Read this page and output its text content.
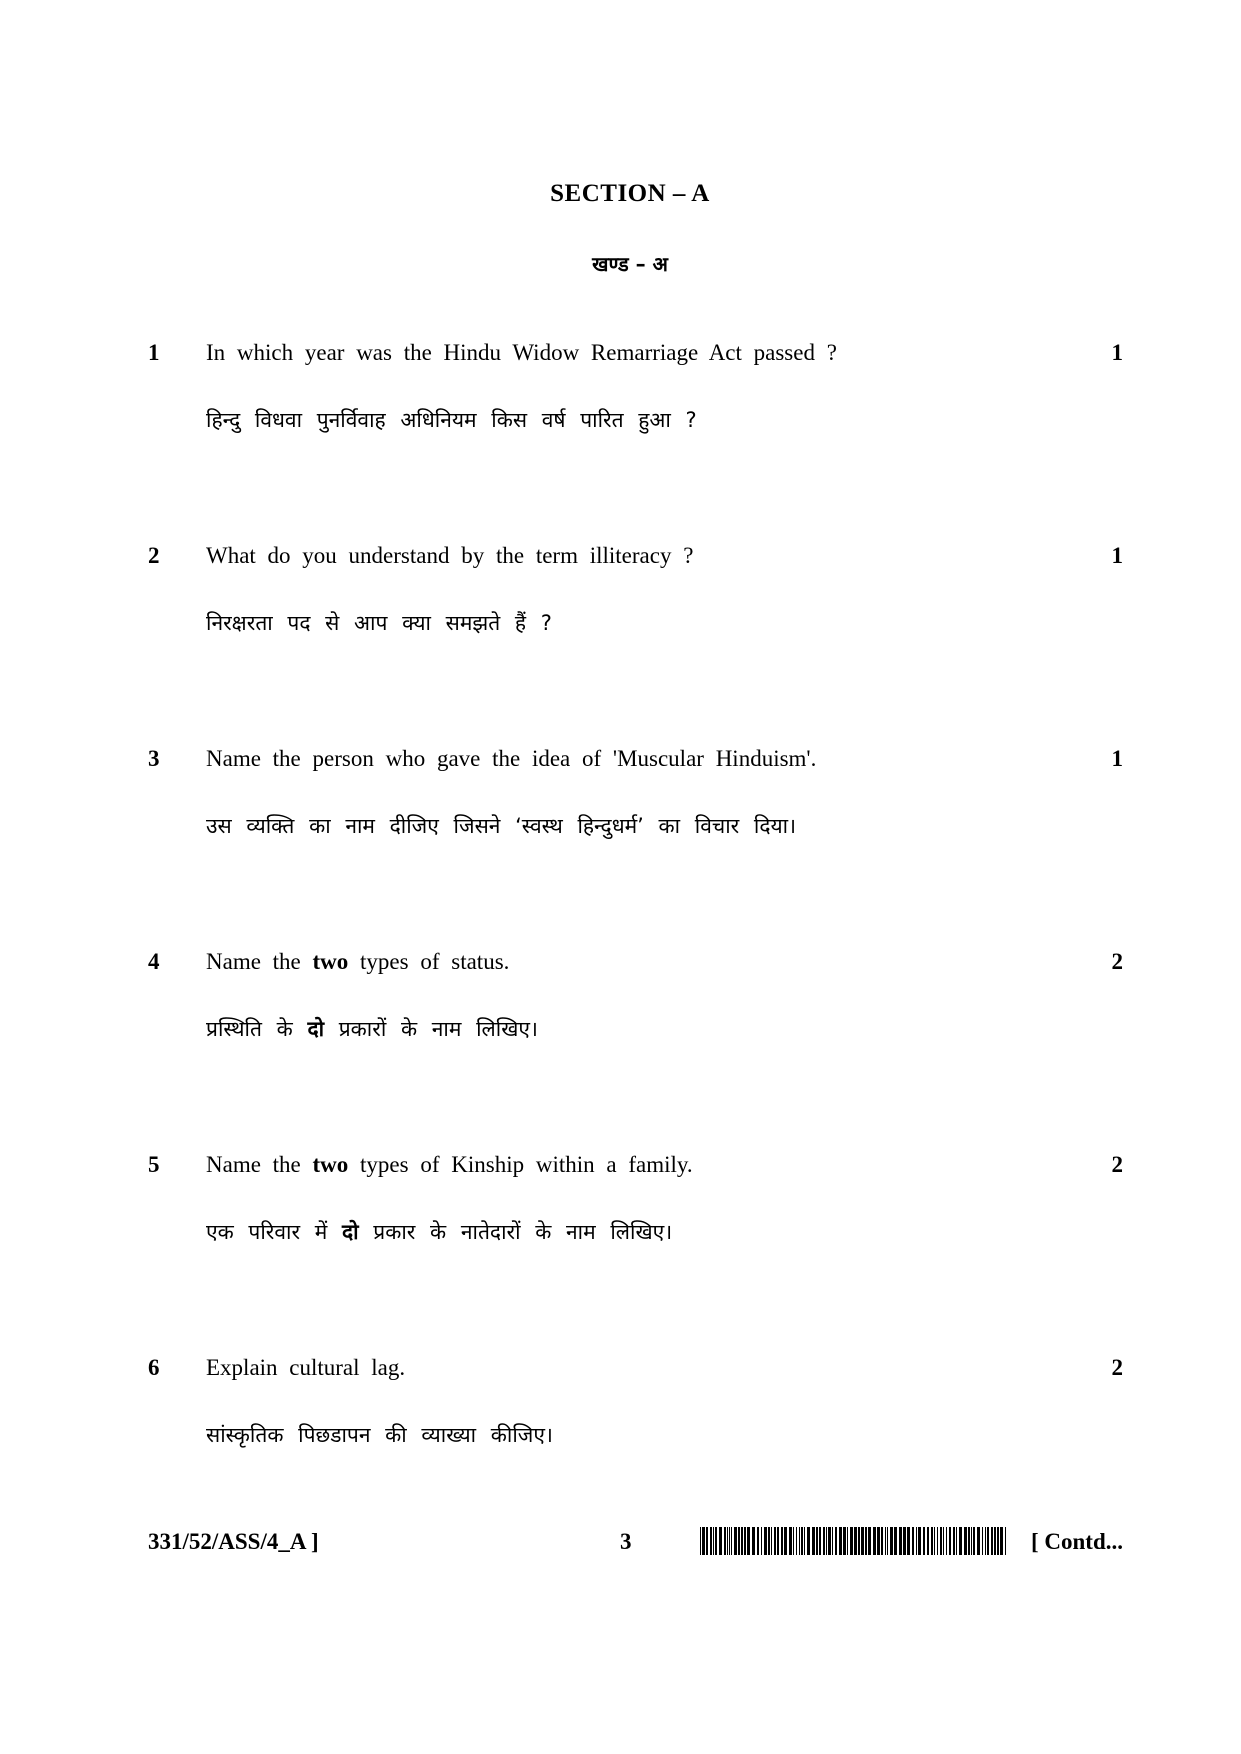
SECTION – A
खण्ड – अ
1 In which year was the Hindu Widow Remarriage Act passed ?
हिन्दु विधवा पुनर्विवाह अधिनियम किस वर्ष पारित हुआ ?
1
2 What do you understand by the term illiteracy ?
निरक्षरता पद से आप क्या समझते हैं ?
1
3 Name the person who gave the idea of 'Muscular Hinduism'.
उस व्यक्ति का नाम दीजिए जिसने ‘स्वस्थ हिन्दुधर्म’ का विचार दिया।
1
4 Name the two types of status.
प्रस्थिति के दो प्रकारों के नाम लिखिए।
2
5 Name the two types of Kinship within a family.
एक परिवार में दो प्रकार के नातेदारों के नाम लिखिए।
2
6 Explain cultural lag.
सांस्कृतिक पिछडापन की व्याख्या कीजिए।
2
331/52/ASS/4_A ]	3	[ Contd...
